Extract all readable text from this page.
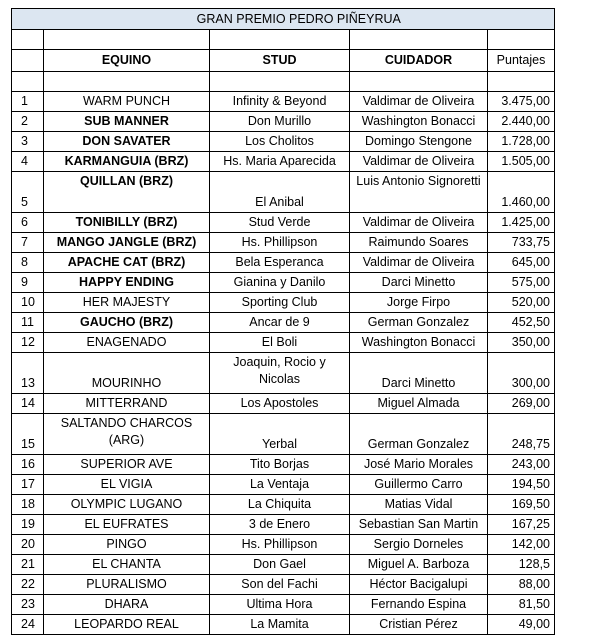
	GRAN PREMIO PEDRO PIÑEYRUA			

	EQUINO	STUD	CUIDADOR	Puntajes

1	WARM PUNCH	Infinity & Beyond	Valdimar de Oliveira	3.475,00
2	SUB MANNER	Don Murillo	Washington Bonacci	2.440,00
3	DON SAVATER	Los Cholitos	Domingo Stengone	1.728,00
4	KARMANGUIA (BRZ)	Hs. Maria Aparecida	Valdimar de Oliveira	1.505,00
5	QUILLAN (BRZ)	El Anibal	Luis Antonio Signoretti	1.460,00
6	TONIBILLY (BRZ)	Stud Verde	Valdimar de Oliveira	1.425,00
7	MANGO JANGLE (BRZ)	Hs. Phillipson	Raimundo Soares	733,75
8	APACHE CAT (BRZ)	Bela Esperanca	Valdimar de Oliveira	645,00
9	HAPPY ENDING	Gianina y Danilo	Darci Minetto	575,00
10	HER MAJESTY	Sporting Club	Jorge Firpo	520,00
11	GAUCHO (BRZ)	Ancar de 9	German Gonzalez	452,50
12	ENAGENADO	El Boli	Washington Bonacci	350,00
13	MOURINHO	Joaquin, Rocio y Nicolas	Darci Minetto	300,00
14	MITTERRAND	Los Apostoles	Miguel Almada	269,00
15	SALTANDO CHARCOS (ARG)	Yerbal	German Gonzalez	248,75
16	SUPERIOR AVE	Tito Borjas	José Mario Morales	243,00
17	EL VIGIA	La Ventaja	Guillermo Carro	194,50
18	OLYMPIC LUGANO	La Chiquita	Matias Vidal	169,50
19	EL EUFRATES	3 de Enero	Sebastian San Martin	167,25
20	PINGO	Hs. Phillipson	Sergio Dorneles	142,00
21	EL CHANTA	Don Gael	Miguel A. Barboza	128,5
22	PLURALISMO	Son del Fachi	Héctor Bacigalupi	88,00
23	DHARA	Ultima Hora	Fernando Espina	81,50
24	LEOPARDO REAL	La Mamita	Cristian Pérez	49,00
